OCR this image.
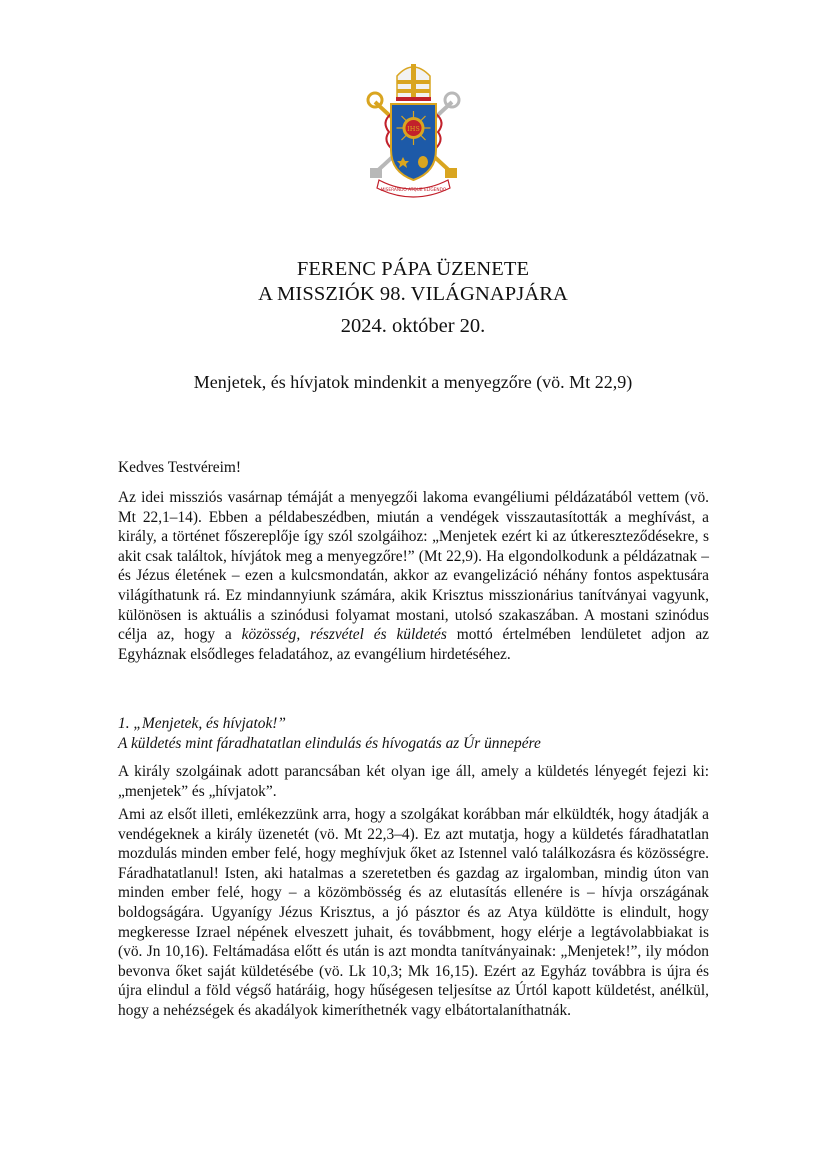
IHS
MISERANDO ATQUE ELIGENDO
FERENC PÁPA ÜZENETE
A MISSZIÓK 98. VILÁGNAPJÁRA
2024. október 20.
Menjetek, és hívjatok mindenkit a menyegzőre (vö. Mt 22,9)

Kedves Testvéreim!

Az idei missziós vasárnap témáját a menyegzői lakoma evangéliumi példázatából vettem (vö. Mt 22,1–14). Ebben a példabeszédben, miután a vendégek visszautasították a meghívást, a király, a történet főszereplője így szól szolgáihoz: „Menjetek ezért ki az útkereszteződésekre, s akit csak találtok, hívjátok meg a menyegzőre!” (Mt 22,9). Ha elgondolkodunk a példázatnak – és Jézus életének – ezen a kulcsmondatán, akkor az evangelizáció néhány fontos aspektusára világíthatunk rá. Ez mindannyiunk számára, akik Krisztus misszionárius tanítványai vagyunk, különösen is aktuális a szinódusi folyamat mostani, utolsó szakaszában. A mostani szinódus célja az, hogy a közösség, részvétel és küldetés mottó értelmében lendületet adjon az Egyháznak elsődleges feladatához, az evangélium hirdetéséhez.

1. „Menjetek, és hívjatok!”
A küldetés mint fáradhatatlan elindulás és hívogatás az Úr ünnepére

A király szolgáinak adott parancsában két olyan ige áll, amely a küldetés lényegét fejezi ki: „menjetek” és „hívjatok”.

Ami az elsőt illeti, emlékezzünk arra, hogy a szolgákat korábban már elküldték, hogy átadják a vendégeknek a király üzenetét (vö. Mt 22,3–4). Ez azt mutatja, hogy a küldetés fáradhatatlan mozdulás minden ember felé, hogy meghívjuk őket az Istennel való találkozásra és közösségre. Fáradhatatlanul! Isten, aki hatalmas a szeretetben és gazdag az irgalomban, mindig úton van minden ember felé, hogy – a közömbösség és az elutasítás ellenére is – hívja országának boldogságára. Ugyanígy Jézus Krisztus, a jó pásztor és az Atya küldötte is elindult, hogy megkeresse Izrael népének elveszett juhait, és továbbment, hogy elérje a legtávolabbiakat is (vö. Jn 10,16). Feltámadása előtt és után is azt mondta tanítványainak: „Menjetek!”, ily módon bevonva őket saját küldetésébe (vö. Lk 10,3; Mk 16,15). Ezért az Egyház továbbra is újra és újra elindul a föld végső határáig, hogy hűségesen teljesítse az Úrtól kapott küldetést, anélkül, hogy a nehézségek és akadályok kimeríthetnék vagy elbátortalaníthatnák.
